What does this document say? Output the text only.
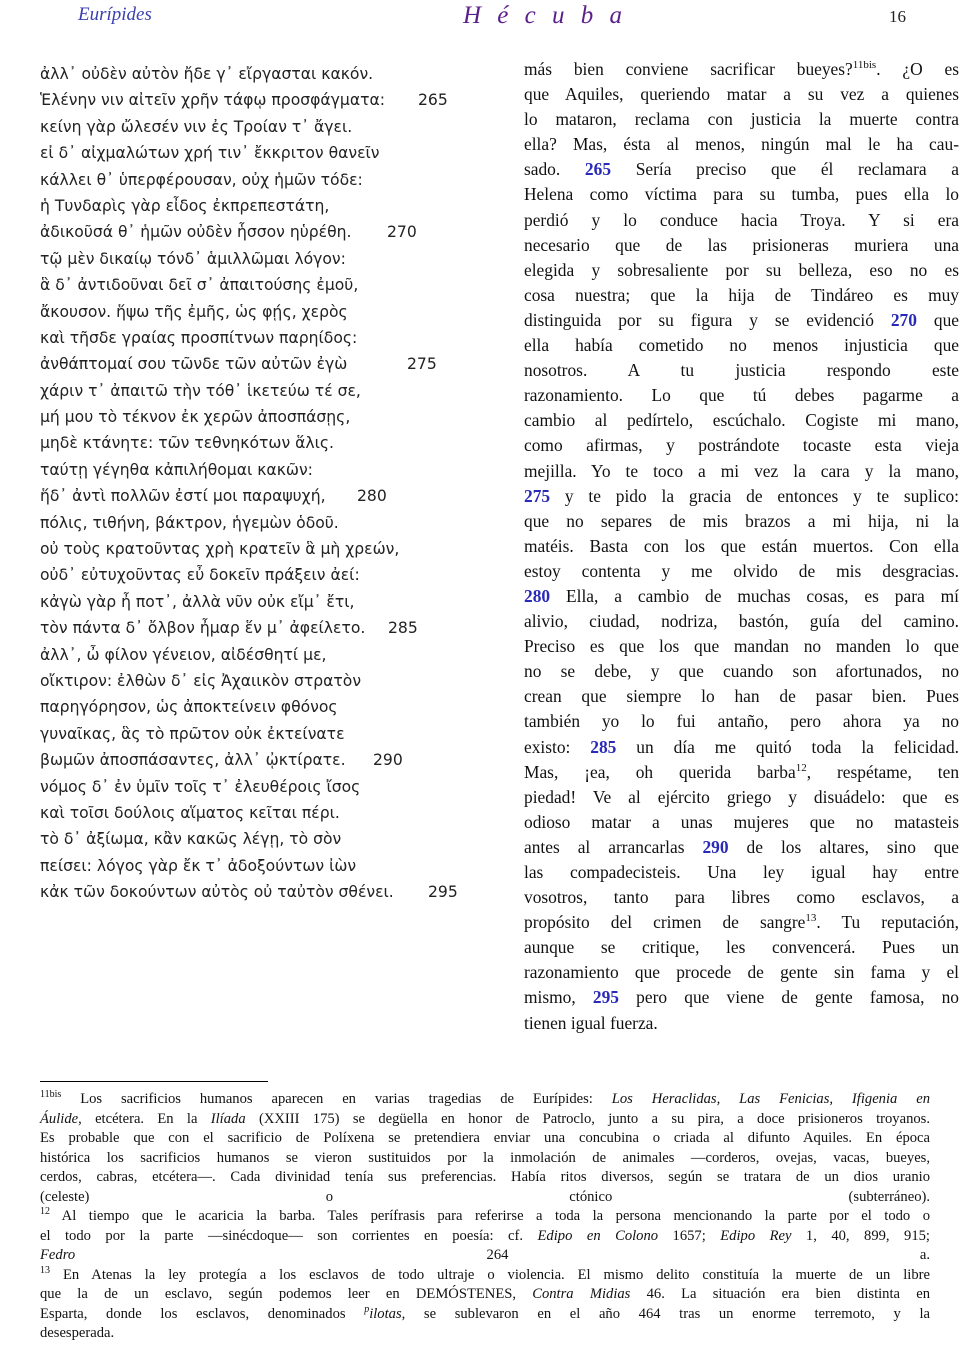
Eurípides	H é c u b a	16
ἀλλ᾽ οὐδὲν αὐτὸν ἤδε γ᾽ εἴργασται κακόν.
Ἑλένην νιν αἰτεῖν χρῆν τάφῳ προσφάγματα: 265
κείνη γὰρ ὤλεσέν νιν ἐς Τροίαν τ᾽ ἄγει.
εἰ δ᾽ αἰχμαλώτων χρή τιν᾽ ἔκκριτον θανεῖν
κάλλει θ᾽ ὑπερφέρουσαν, οὐχ ἡμῶν τόδε:
ἡ Τυνδαρὶς γὰρ εἶδος ἐκπρεπεστάτη,
ἀδικοῦσά θ᾽ ἡμῶν οὐδὲν ἧσσον ηὑρέθη. 270
τῷ μὲν δικαίῳ τόνδ᾽ ἁμιλλῶμαι λόγον:
ἃ δ᾽ ἀντιδοῦναι δεῖ σ᾽ ἀπαιτούσης ἐμοῦ,
ἄκουσον. ἥψω τῆς ἐμῆς, ὡς φῄς, χερὸς
καὶ τῆσδε γραίας προσπίτνων παρηίδος:
ἀνθάπτομαί σου τῶνδε τῶν αὐτῶν ἐγὼ	275
χάριν τ᾽ ἀπαιτῶ τὴν τόθ᾽ ἱκετεύω τέ σε,
μή μου τὸ τέκνον ἐκ χερῶν ἀποσπάσῃς,
μηδὲ κτάνητε: τῶν τεθνηκότων ἅλις.
ταύτῃ γέγηθα κἀπιλήθομαι κακῶν:
ἥδ᾽ ἀντὶ πολλῶν ἐστί μοι παραψυχή, 280
πόλις, τιθήνη, βάκτρον, ἡγεμὼν ὁδοῦ.
οὐ τοὺς κρατοῦντας χρὴ κρατεῖν ἃ μὴ χρεών,
οὐδ᾽ εὐτυχοῦντας εὖ δοκεῖν πράξειν ἀεί:
κἀγὼ γὰρ ἦ ποτ᾽, ἀλλὰ νῦν οὐκ εἴμ᾽ ἔτι,
τὸν πάντα δ᾽ ὄλβον ἦμαρ ἕν μ᾽ ἀφείλετο. 285
ἀλλ᾽, ὦ φίλον γένειον, αἰδέσθητί με,
οἴκτιρον: ἐλθὼν δ᾽ εἰς Ἀχαιικὸν στρατὸν
παρηγόρησον, ὡς ἀποκτείνειν φθόνος
γυναῖκας, ἃς τὸ πρῶτον οὐκ ἐκτείνατε
βωμῶν ἀποσπάσαντες, ἀλλ᾽ ᾠκτίρατε. 290
νόμος δ᾽ ἐν ὑμῖν τοῖς τ᾽ ἐλευθέροις ἴσος
καὶ τοῖσι δούλοις αἵματος κεῖται πέρι.
τὸ δ᾽ ἀξίωμα, κἂν κακῶς λέγῃ, τὸ σὸν
πείσει: λόγος γὰρ ἔκ τ᾽ ἀδοξούντων ἰὼν
κἀκ τῶν δοκούντων αὐτὸς οὐ ταὐτὸν σθένει. 295
más bien conviene sacrificar bueyes?$^{11bis}$. ¿O es
que Aquiles, queriendo matar a su vez a quienes
lo mataron, reclama con justicia la muerte contra
ella? Mas, ésta al menos, ningún mal le ha cau-
sado. 265 Sería preciso que él reclamara a
Helena como víctima para su tumba, pues ella lo
perdió y lo conduce hacia Troya. Y si era
necesario que de las prisioneras muriera una
elegida y sobresaliente por su belleza, eso no es
cosa nuestra; que la hija de Tindáreo es muy
distinguida por su figura y se evidenció 270 que
ella había cometido no menos injusticia que
nosotros. A tu justicia respondo este
razonamiento. Lo que tú debes pagarme a
cambio al pedírtelo, escúchalo. Cogiste mi mano,
como afirmas, y postrándote tocaste esta vieja
mejilla. Yo te toco a mi vez la cara y la mano,
275 y te pido la gracia de entonces y te suplico:
que no separes de mis brazos a mi hija, ni la
matéis. Basta con los que están muertos. Con ella
estoy contenta y me olvido de mis desgracias.
280 Ella, a cambio de muchas cosas, es para mí
alivio, ciudad, nodriza, bastón, guía del camino.
Preciso es que los que mandan no manden lo que
no se debe, y que cuando son afortunados, no
crean que siempre lo han de pasar bien. Pues
también yo lo fui antaño, pero ahora ya no
existo: 285 un día me quitó toda la felicidad.
Mas, ¡ea, oh querida barba$^{12}$, respétame, ten
piedad! Ve al ejército griego y disuádelo: que es
odioso matar a unas mujeres que no matasteis
antes al arrancarlas 290 de los altares, sino que
las compadecisteis. Una ley igual hay entre
vosotros, tanto para libres como esclavos, a
propósito del crimen de sangre$^{13}$. Tu reputación,
aunque se critique, les convencerá. Pues un
razonamiento que procede de gente sin fama y el
mismo, 295 pero que viene de gente famosa, no
tienen igual fuerza.
$^{11bis}$ Los sacrificios humanos aparecen en varias tragedias de Eurípides: Los Heraclidas, Las Fenicias, Ifigenia en
Áulide, etcétera. En la Ilíada (XXIII 175) se degüella en honor de Patroclo, junto a su pira, a doce prisioneros troyanos.
Es probable que con el sacrificio de Políxena se pretendiera enviar una concubina o criada al difunto Aquiles. En época
histórica los sacrificios humanos se vieron sustituidos por la inmolación de animales —corderos, ovejas, vacas, bueyes,
cerdos, cabras, etcétera—. Cada divinidad tenía sus preferencias. Había ritos diversos, según se tratara de un dios uranio
(celeste) o ctónico (subterráneo).
$^{12}$ Al tiempo que le acaricia la barba. Tales perífrasis para referirse a toda la persona mencionando la parte por el todo o
el todo por la parte —sinécdoque— son corrientes en poesía: cf. Edipo en Colono 1657; Edipo Rey 1, 40, 899, 915;
Fedro 264 a.
$^{13}$ En Atenas la ley protegía a los esclavos de todo ultraje o violencia. El mismo delito constituía la muerte de un libre
que la de un esclavo, según podemos leer en DEMÓSTENES, Contra Midias 46. La situación era bien distinta en
Esparta, donde los esclavos, denominados $^p$ilotas, se sublevaron en el año 464 tras un enorme terremoto, y la
desesperada.
